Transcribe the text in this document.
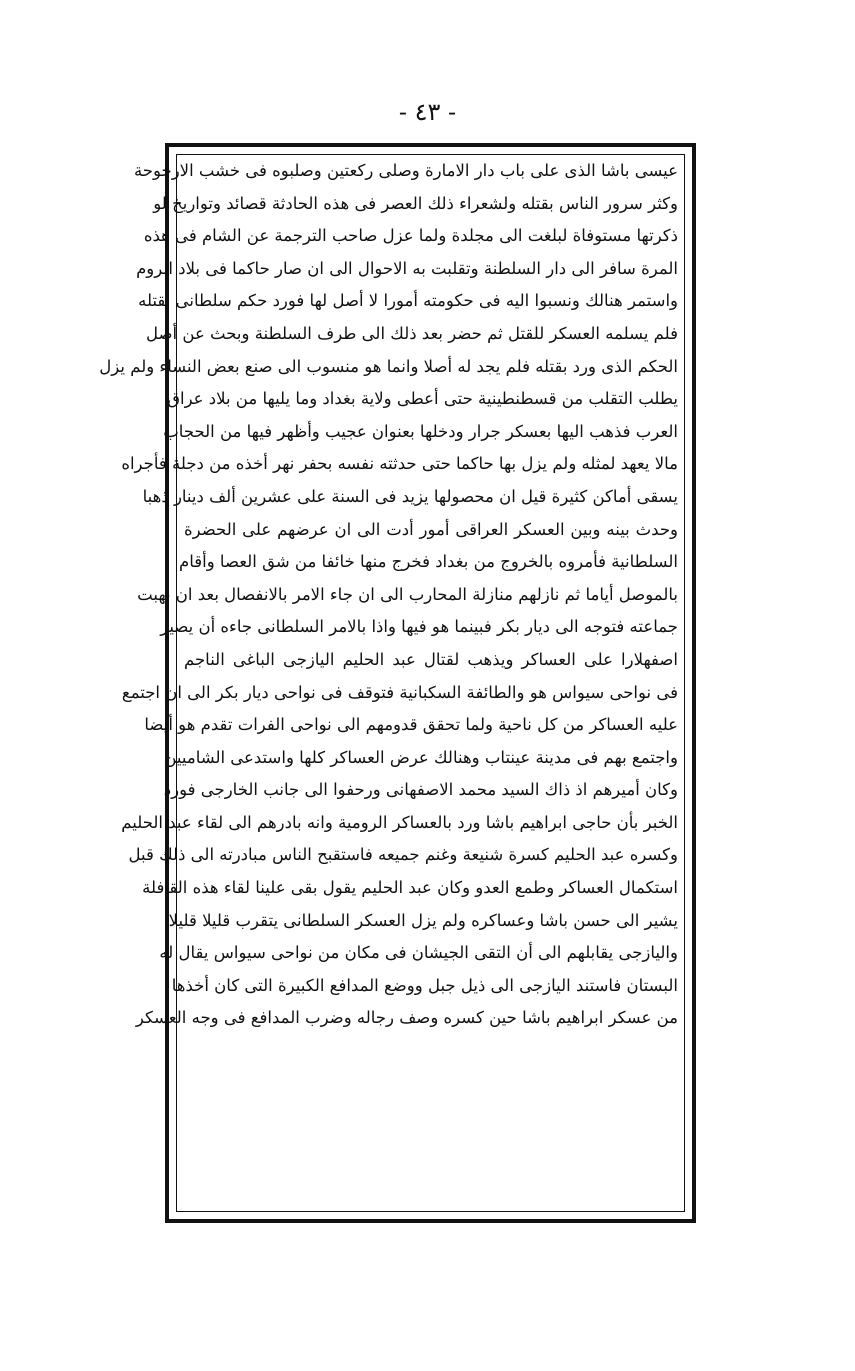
- ٤٣ -
عيسى باشا الذى على باب دار الامارة وصلى ركعتين وصلبوه فى خشب الارجوحة
وكثر سرور الناس بقتله ولشعراء ذلك العصر فى هذه الحادثة قصائد وتواريخ لو
ذكرتها مستوفاة لبلغت الى مجلدة ولما عزل صاحب الترجمة عن الشام فى هذه
المرة سافر الى دار السلطنة وتقلبت به الاحوال الى ان صار حاكما فى بلاد الروم
واستمر هنالك ونسبوا اليه فى حكومته أمورا لا أصل لها فورد حكم سلطانى بقتله
فلم يسلمه العسكر للقتل ثم حضر بعد ذلك الى طرف السلطنة وبحث عن أصل
الحكم الذى ورد بقتله فلم يجد له أصلا وانما هو منسوب الى صنع بعض النساء ولم يزل
يطلب التقلب من قسطنطينية حتى أعطى ولاية بغداد وما يليها من بلاد عراق
العرب فذهب اليها بعسكر جرار ودخلها بعنوان عجيب وأظهر فيها من الحجاب
مالا يعهد لمثله ولم يزل بها حاكما حتى حدثته نفسه بحفر نهر أخذه من دجلة فأجراه
يسقى أماكن كثيرة قيل ان محصولها يزيد فى السنة على عشرين ألف دينار ذهبا
وحدث بينه وبين العسكر العراقى أمور أدت الى ان عرضهم على الحضرة
السلطانية فأمروه بالخروج من بغداد فخرج منها خائفا من شق العصا وأقام
بالموصل أياما ثم نازلهم منازلة المحارب الى ان جاء الامر بالانفصال بعد ان نهبت
جماعته فتوجه الى ديار بكر فبينما هو فيها واذا بالامر السلطانى جاءه أن يصير
اصفهلارا على العساكر ويذهب لقتال عبد الحليم اليازجى الباغى الناجم
فى نواحى سيواس هو والطائفة السكبانية فتوقف فى نواحى ديار بكر الى ان اجتمع
عليه العساكر من كل ناحية ولما تحقق قدومهم الى نواحى الفرات تقدم هو أيضا
واجتمع بهم فى مدينة عينتاب وهنالك عرض العساكر كلها واستدعى الشاميين
وكان أميرهم اذ ذاك السيد محمد الاصفهانى ورحفوا الى جانب الخارجى فورد
الخبر بأن حاجى ابراهيم باشا ورد بالعساكر الرومية وانه بادرهم الى لقاء عبد الحليم
وكسره عبد الحليم كسرة شنيعة وغنم جميعه فاستقبح الناس مبادرته الى ذلك قبل
استكمال العساكر وطمع العدو وكان عبد الحليم يقول بقى علينا لقاء هذه القافلة
يشير الى حسن باشا وعساكره ولم يزل العسكر السلطانى يتقرب قليلا قليلا
واليازجى يقابلهم الى أن التقى الجيشان فى مكان من نواحى سيواس يقال له
البستان فاستند اليازجى الى ذيل جبل ووضع المدافع الكبيرة التى كان أخذها
من عسكر ابراهيم باشا حين كسره وصف رجاله وضرب المدافع فى وجه العسكر
